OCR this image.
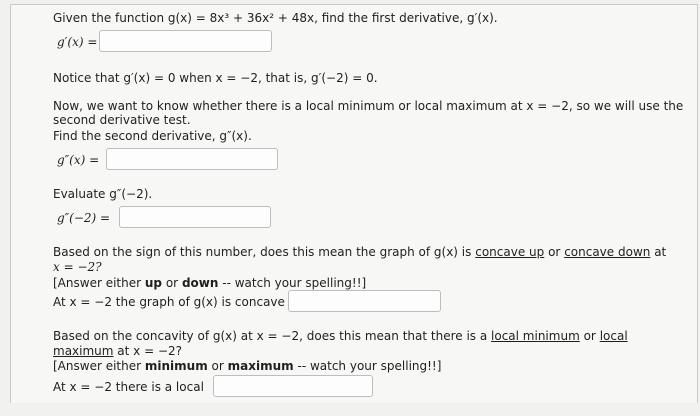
Given the function g(x) = 8x³ + 36x² + 48x, find the first derivative, g′(x).
g′(x) =
Notice that g′(x) = 0 when x = −2, that is, g′(−2) = 0.
Now, we want to know whether there is a local minimum or local maximum at x = −2, so we will use the
second derivative test.
Find the second derivative, g″(x).
g″(x) =
Evaluate g″(−2).
g″(−2) =
Based on the sign of this number, does this mean the graph of g(x) is concave up or concave down at
x = −2?
[Answer either up or down -- watch your spelling!!]
At x = −2 the graph of g(x) is concave
Based on the concavity of g(x) at x = −2, does this mean that there is a local minimum or local
maximum at x = −2?
[Answer either minimum or maximum -- watch your spelling!!]
At x = −2 there is a local
